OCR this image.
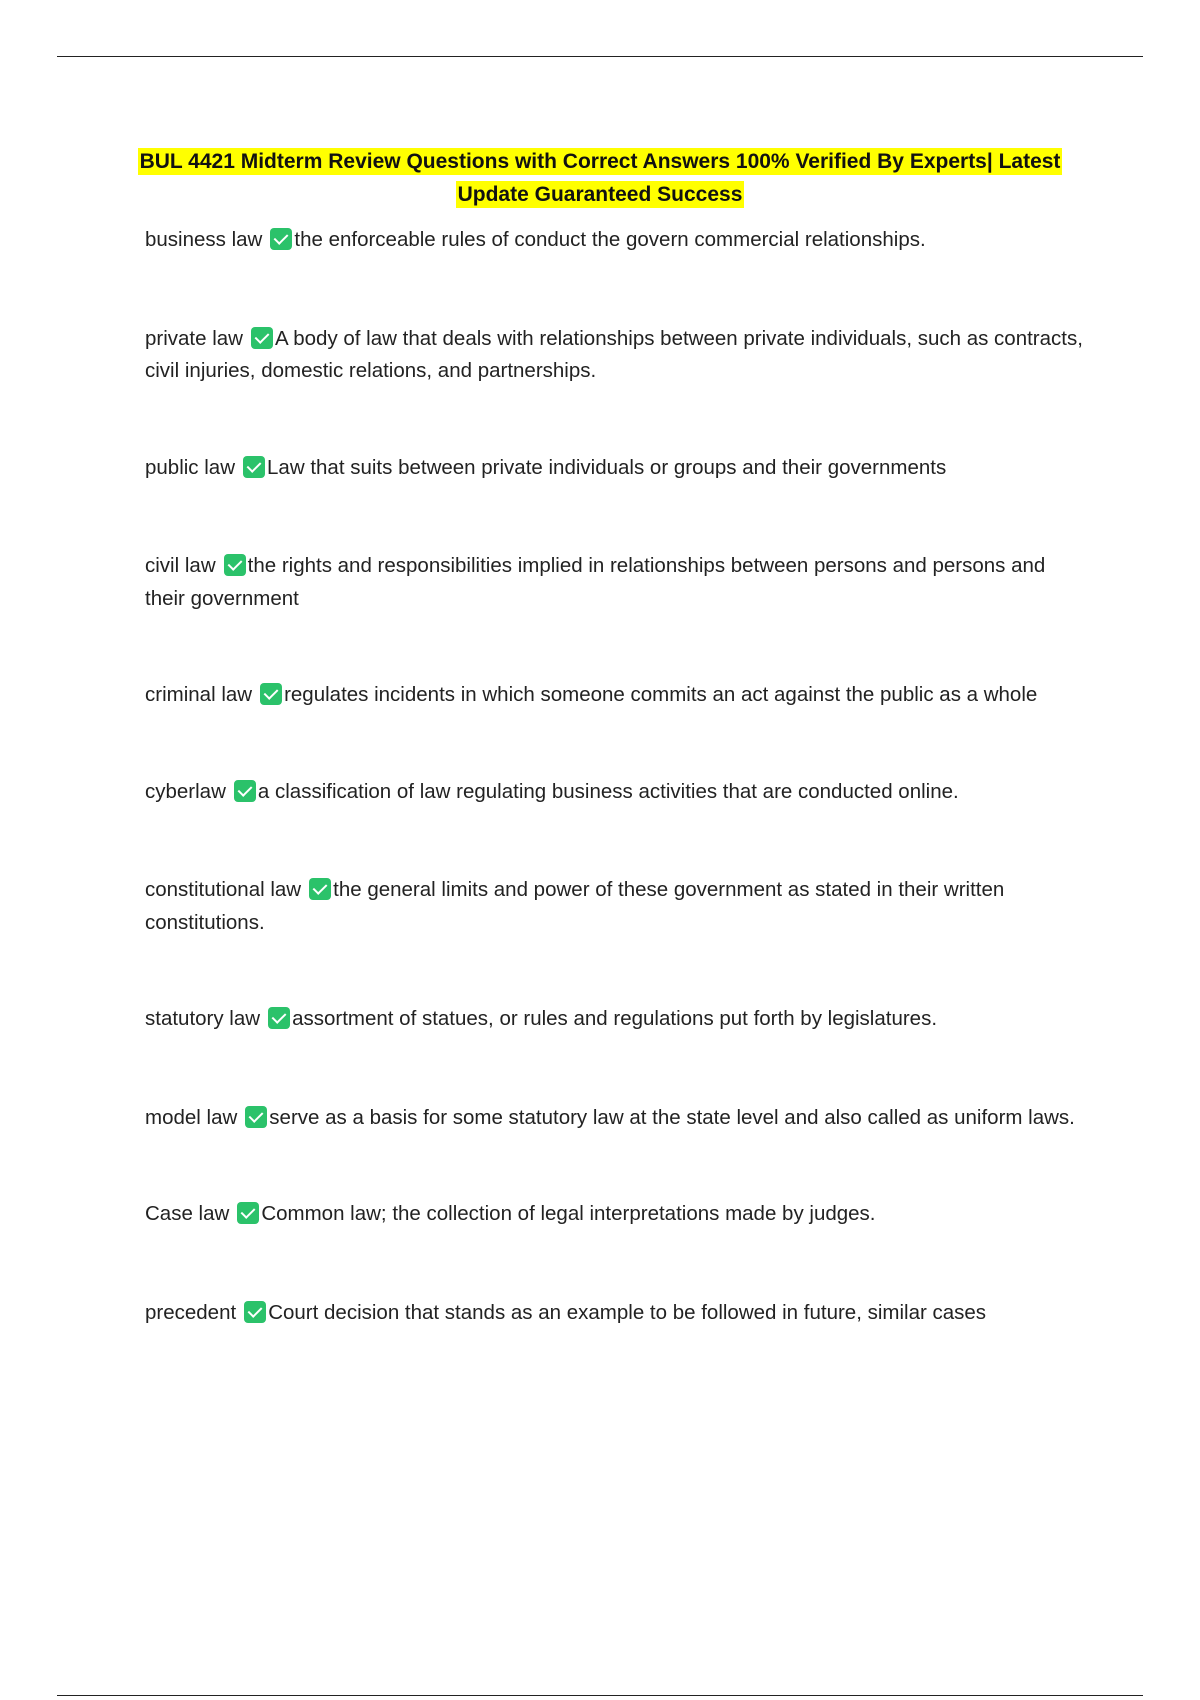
BUL 4421 Midterm Review Questions with Correct Answers 100% Verified By Experts| Latest Update Guaranteed Success

business law the enforceable rules of conduct the govern commercial relationships.

private law A body of law that deals with relationships between private individuals, such as contracts, civil injuries, domestic relations, and partnerships.

public law Law that suits between private individuals or groups and their governments

civil law the rights and responsibilities implied in relationships between persons and persons and their government

criminal law regulates incidents in which someone commits an act against the public as a whole

cyberlaw a classification of law regulating business activities that are conducted online.

constitutional law the general limits and power of these government as stated in their written constitutions.

statutory law assortment of statues, or rules and regulations put forth by legislatures.

model law serve as a basis for some statutory law at the state level and also called as uniform laws.

Case law Common law; the collection of legal interpretations made by judges.

precedent Court decision that stands as an example to be followed in future, similar cases
